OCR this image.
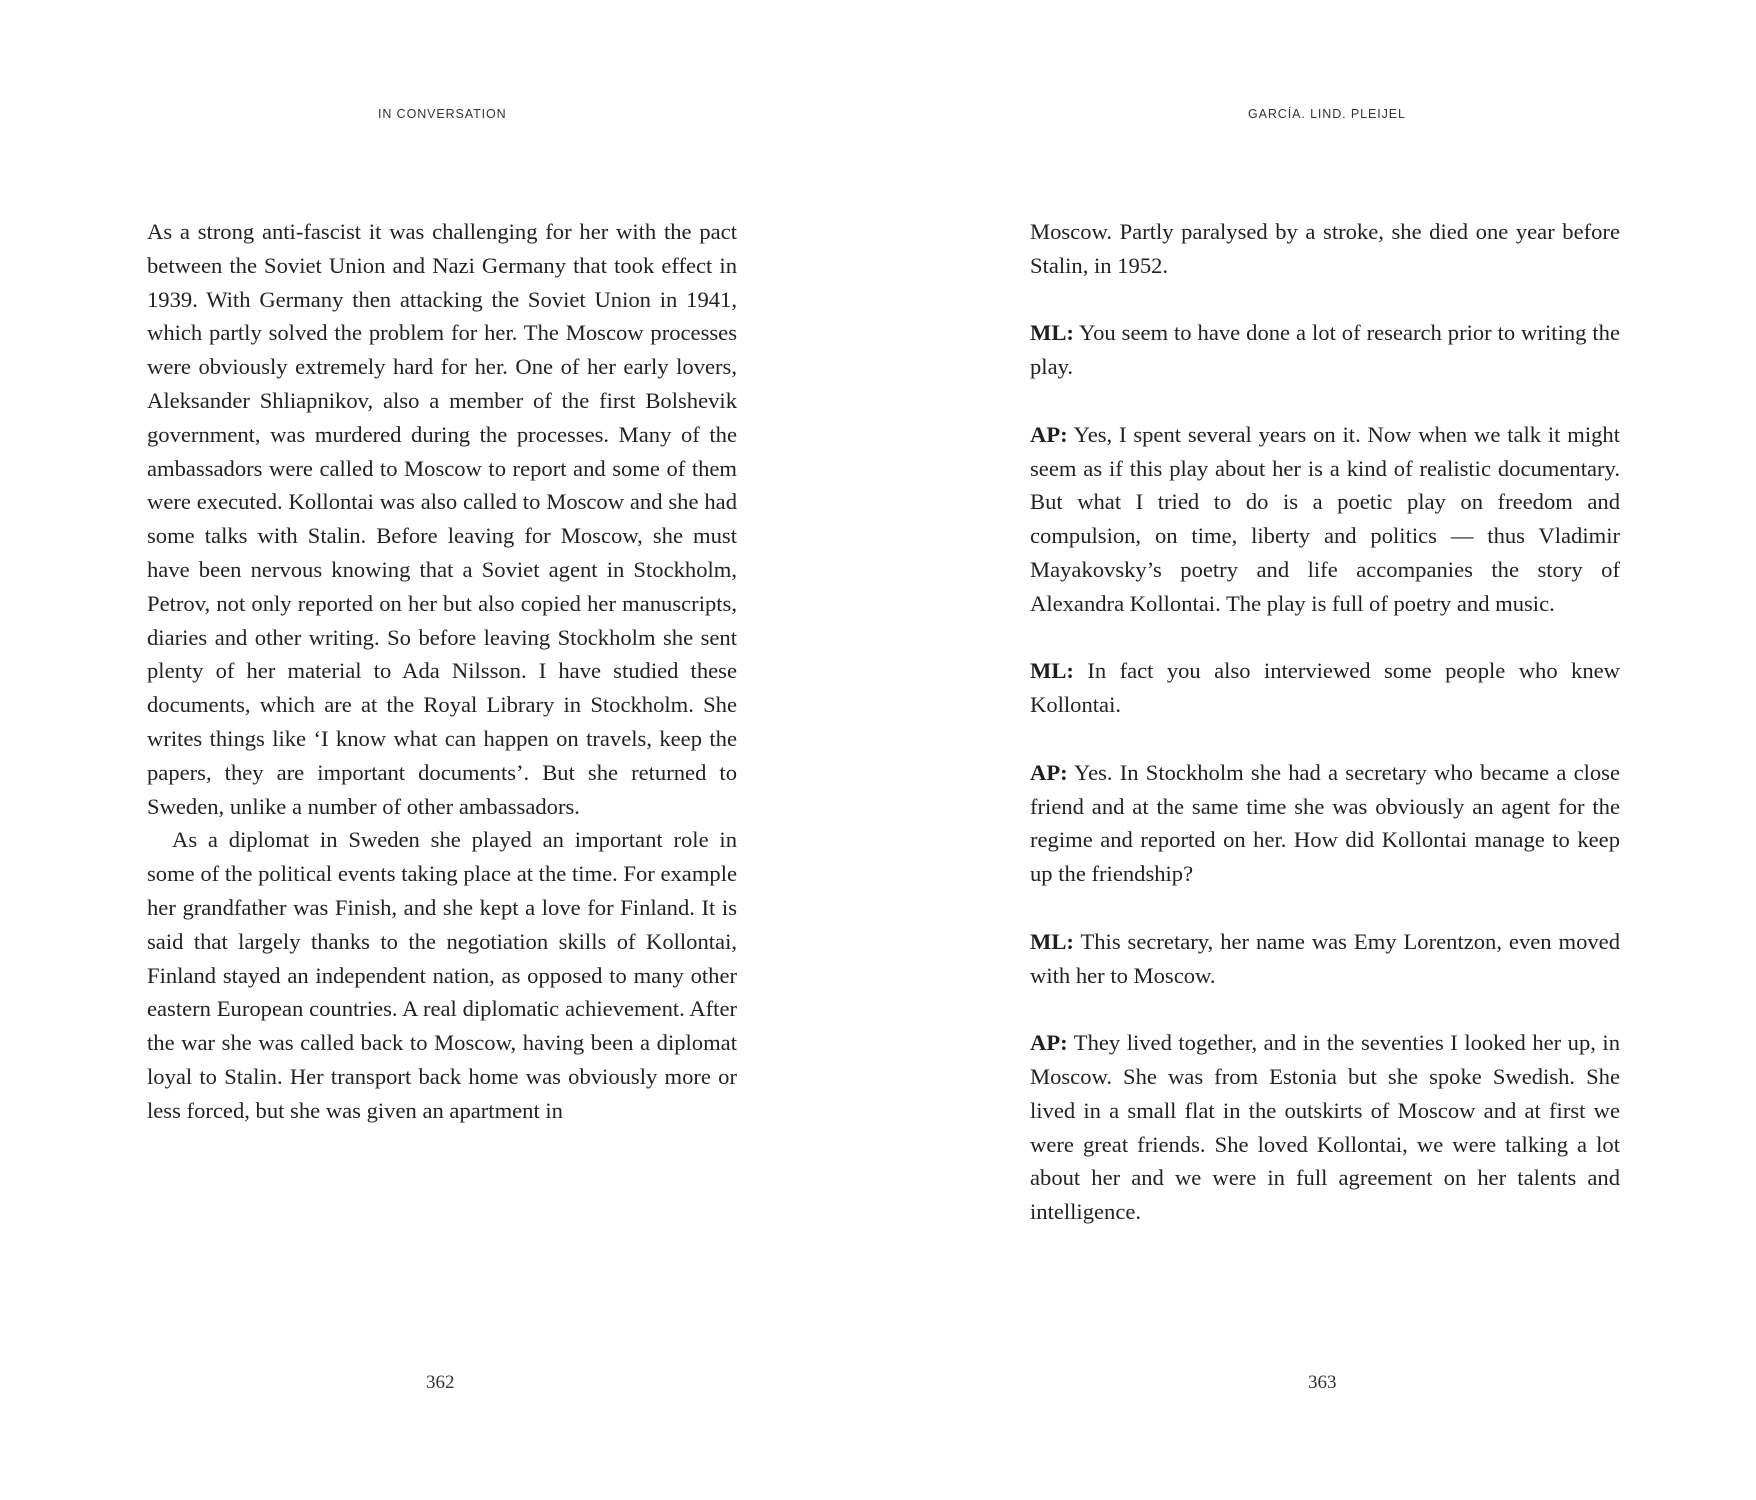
IN CONVERSATION

As a strong anti-fascist it was challenging for her with the pact between the Soviet Union and Nazi Germany that took effect in 1939. With Germany then attacking the Soviet Union in 1941, which partly solved the problem for her. The Moscow processes were obviously extremely hard for her. One of her early lovers, Aleksander Shliapnikov, also a member of the first Bolshevik government, was murdered during the processes. Many of the ambassadors were called to Moscow to report and some of them were executed. Kollontai was also called to Moscow and she had some talks with Stalin. Before leaving for Moscow, she must have been nervous knowing that a Soviet agent in Stockholm, Petrov, not only reported on her but also copied her manuscripts, diaries and other writing. So before leaving Stockholm she sent plenty of her material to Ada Nilsson. I have studied these documents, which are at the Royal Library in Stockholm. She writes things like ‘I know what can happen on travels, keep the papers, they are important documents’. But she returned to Sweden, unlike a number of other ambassadors.

As a diplomat in Sweden she played an important role in some of the political events taking place at the time. For example her grandfather was Finish, and she kept a love for Finland. It is said that largely thanks to the negotiation skills of Kollontai, Finland stayed an independent nation, as opposed to many other eastern European countries. A real diplomatic achievement. After the war she was called back to Moscow, having been a diplomat loyal to Stalin. Her transport back home was obviously more or less forced, but she was given an apartment in

362
GARCÍA. LIND. PLEIJEL

Moscow. Partly paralysed by a stroke, she died one year before Stalin, in 1952.

ML: You seem to have done a lot of research prior to writing the play.

AP: Yes, I spent several years on it. Now when we talk it might seem as if this play about her is a kind of realistic documentary. But what I tried to do is a poetic play on freedom and compulsion, on time, liberty and politics — thus Vladimir Mayakovsky’s poetry and life accompanies the story of Alexandra Kollontai. The play is full of poetry and music.

ML: In fact you also interviewed some people who knew Kollontai.

AP: Yes. In Stockholm she had a secretary who became a close friend and at the same time she was obviously an agent for the regime and reported on her. How did Kollontai manage to keep up the friendship?

ML: This secretary, her name was Emy Lorentzon, even moved with her to Moscow.

AP: They lived together, and in the seventies I looked her up, in Moscow. She was from Estonia but she spoke Swedish. She lived in a small flat in the outskirts of Moscow and at first we were great friends. She loved Kollontai, we were talking a lot about her and we were in full agreement on her talents and intelligence.

363
